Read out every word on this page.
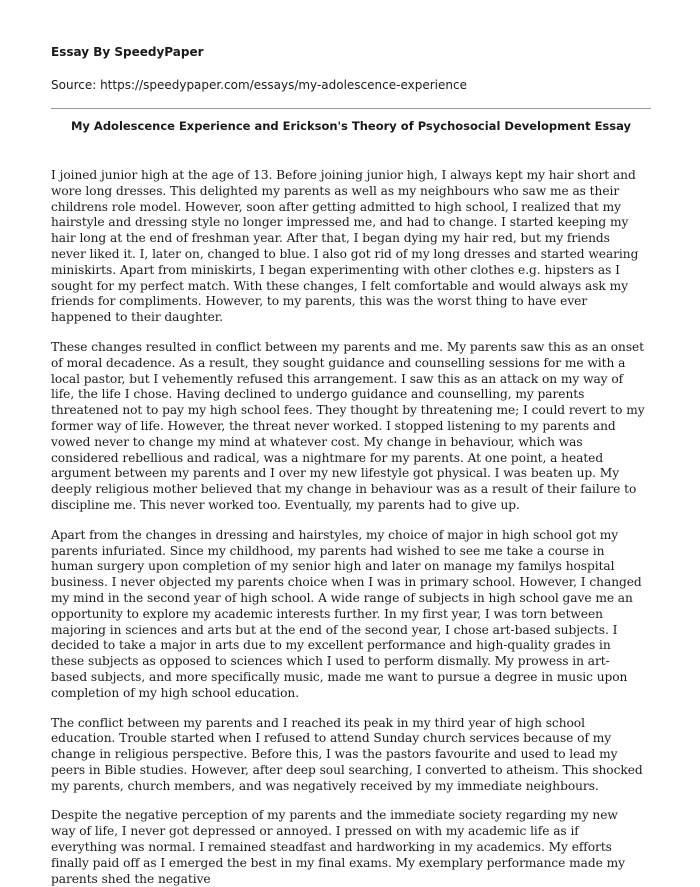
Essay By SpeedyPaper
Source: https://speedypaper.com/essays/my-adolescence-experience
My Adolescence Experience and Erickson's Theory of Psychosocial Development Essay

I joined junior high at the age of 13. Before joining junior high, I always kept my hair short and wore long dresses. This delighted my parents as well as my neighbours who saw me as their childrens role model. However, soon after getting admitted to high school, I realized that my hairstyle and dressing style no longer impressed me, and had to change. I started keeping my hair long at the end of freshman year. After that, I began dying my hair red, but my friends never liked it. I, later on, changed to blue. I also got rid of my long dresses and started wearing miniskirts. Apart from miniskirts, I began experimenting with other clothes e.g. hipsters as I sought for my perfect match. With these changes, I felt comfortable and would always ask my friends for compliments. However, to my parents, this was the worst thing to have ever happened to their daughter.

These changes resulted in conflict between my parents and me. My parents saw this as an onset of moral decadence. As a result, they sought guidance and counselling sessions for me with a local pastor, but I vehemently refused this arrangement. I saw this as an attack on my way of life, the life I chose. Having declined to undergo guidance and counselling, my parents threatened not to pay my high school fees. They thought by threatening me; I could revert to my former way of life. However, the threat never worked. I stopped listening to my parents and vowed never to change my mind at whatever cost. My change in behaviour, which was considered rebellious and radical, was a nightmare for my parents. At one point, a heated argument between my parents and I over my new lifestyle got physical. I was beaten up. My deeply religious mother believed that my change in behaviour was as a result of their failure to discipline me. This never worked too. Eventually, my parents had to give up.

Apart from the changes in dressing and hairstyles, my choice of major in high school got my parents infuriated. Since my childhood, my parents had wished to see me take a course in human surgery upon completion of my senior high and later on manage my familys hospital business. I never objected my parents choice when I was in primary school. However, I changed my mind in the second year of high school. A wide range of subjects in high school gave me an opportunity to explore my academic interests further. In my first year, I was torn between majoring in sciences and arts but at the end of the second year, I chose art-based subjects. I decided to take a major in arts due to my excellent performance and high-quality grades in these subjects as opposed to sciences which I used to perform dismally. My prowess in art-based subjects, and more specifically music, made me want to pursue a degree in music upon completion of my high school education.

The conflict between my parents and I reached its peak in my third year of high school education. Trouble started when I refused to attend Sunday church services because of my change in religious perspective. Before this, I was the pastors favourite and used to lead my peers in Bible studies. However, after deep soul searching, I converted to atheism. This shocked my parents, church members, and was negatively received by my immediate neighbours.

Despite the negative perception of my parents and the immediate society regarding my new way of life, I never got depressed or annoyed. I pressed on with my academic life as if everything was normal. I remained steadfast and hardworking in my academics. My efforts finally paid off as I emerged the best in my final exams. My exemplary performance made my parents shed the negative
